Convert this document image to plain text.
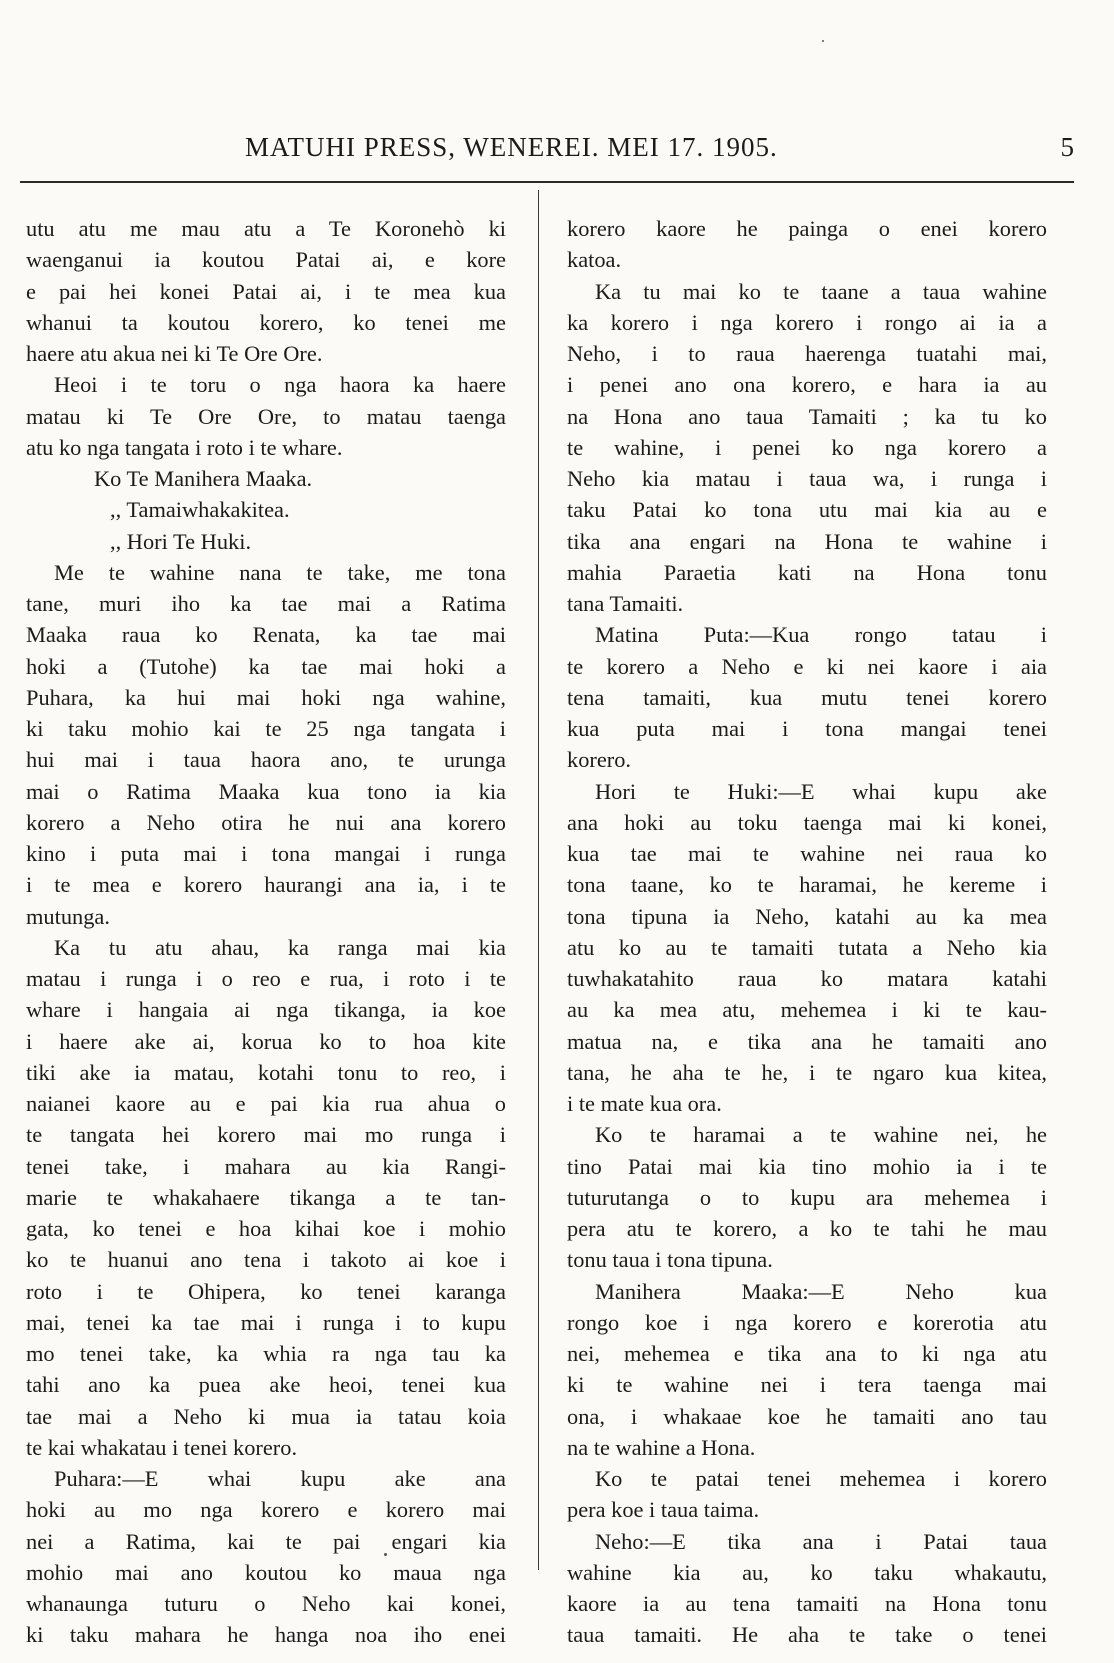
MATUHI PRESS, WENEREI. MEI 17. 1905.	5
utu atu me mau atu a Te Koronehò ki
waenganui ia koutou Patai ai, e kore
e pai hei konei Patai ai, i te mea kua
whanui ta koutou korero, ko tenei me
haere atu akua nei ki Te Ore Ore.
Heoi i te toru o nga haora ka haere
matau ki Te Ore Ore, to matau taenga
atu ko nga tangata i roto i te whare.
Ko Te Manihera Maaka.
,, Tamaiwhakakitea.
,, Hori Te Huki.
Me te wahine nana te take, me tona
tane, muri iho ka tae mai a Ratima
Maaka raua ko Renata, ka tae mai
hoki a (Tutohe) ka tae mai hoki a
Puhara, ka hui mai hoki nga wahine,
ki taku mohio kai te 25 nga tangata i
hui mai i taua haora ano, te urunga
mai o Ratima Maaka kua tono ia kia
korero a Neho otira he nui ana korero
kino i puta mai i tona mangai i runga
i te mea e korero haurangi ana ia, i te
mutunga.
Ka tu atu ahau, ka ranga mai kia
matau i runga i o reo e rua, i roto i te
whare i hangaia ai nga tikanga, ia koe
i haere ake ai, korua ko to hoa kite
tiki ake ia matau, kotahi tonu to reo, i
naianei kaore au e pai kia rua ahua o
te tangata hei korero mai mo runga i
tenei take, i mahara au kia Rangi-
marie te whakahaere tikanga a te tan-
gata, ko tenei e hoa kihai koe i mohio
ko te huanui ano tena i takoto ai koe i
roto i te Ohipera, ko tenei karanga
mai, tenei ka tae mai i runga i to kupu
mo tenei take, ka whia ra nga tau ka
tahi ano ka puea ake heoi, tenei kua
tae mai a Neho ki mua ia tatau koia
te kai whakatau i tenei korero.
Puhara:—E whai kupu ake ana
hoki au mo nga korero e korero mai
nei a Ratima, kai te pai engari kia
mohio mai ano koutou ko maua nga
whanaunga tuturu o Neho kai konei,
ki taku mahara he hanga noa iho enei
korero kaore he painga o enei korero
katoa.
Ka tu mai ko te taane a taua wahine
ka korero i nga korero i rongo ai ia a
Neho, i to raua haerenga tuatahi mai,
i penei ano ona korero, e hara ia au
na Hona ano taua Tamaiti ; ka tu ko
te wahine, i penei ko nga korero a
Neho kia matau i taua wa, i runga i
taku Patai ko tona utu mai kia au e
tika ana engari na Hona te wahine i
mahia Paraetia kati na Hona tonu
tana Tamaiti.
Matina Puta:—Kua rongo tatau i
te korero a Neho e ki nei kaore i aia
tena tamaiti, kua mutu tenei korero
kua puta mai i tona mangai tenei
korero.
Hori te Huki:—E whai kupu ake
ana hoki au toku taenga mai ki konei,
kua tae mai te wahine nei raua ko
tona taane, ko te haramai, he kereme i
tona tipuna ia Neho, katahi au ka mea
atu ko au te tamaiti tutata a Neho kia
tuwhakatahito raua ko matara katahi
au ka mea atu, mehemea i ki te kau-
matua na, e tika ana he tamaiti ano
tana, he aha te he, i te ngaro kua kitea,
i te mate kua ora.
Ko te haramai a te wahine nei, he
tino Patai mai kia tino mohio ia i te
tuturutanga o to kupu ara mehemea i
pera atu te korero, a ko te tahi he mau
tonu taua i tona tipuna.
Manihera Maaka:—E Neho kua
rongo koe i nga korero e korerotia atu
nei, mehemea e tika ana to ki nga atu
ki te wahine nei i tera taenga mai
ona, i whakaae koe he tamaiti ano tau
na te wahine a Hona.
Ko te patai tenei mehemea i korero
pera koe i taua taima.
Neho:—E tika ana i Patai taua
wahine kia au, ko taku whakautu,
kaore ia au tena tamaiti na Hona tonu
taua tamaiti. He aha te take o tenei
